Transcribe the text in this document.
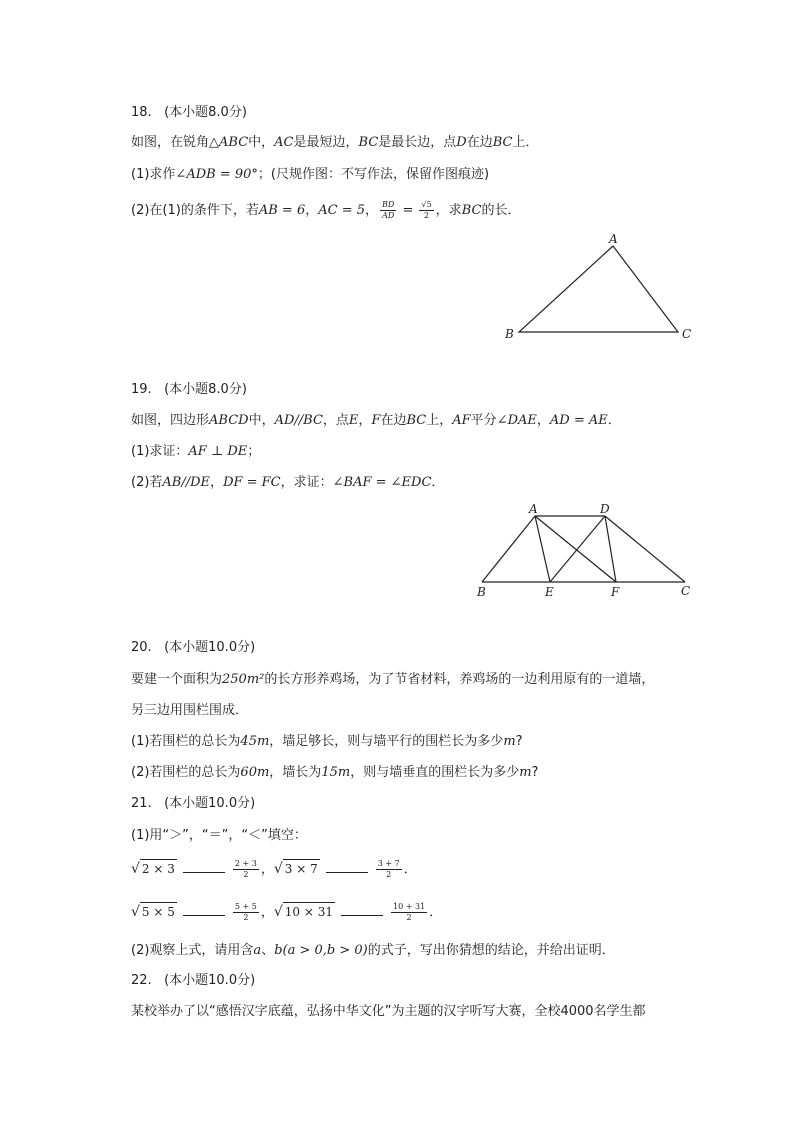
18.   (本小题8.0分)
如图，在锐角△ABC中，AC是最短边，BC是最长边，点D在边BC上．
(1)求作∠ADB = 90°；(尺规作图：不写作法，保留作图痕迹)
(2)在(1)的条件下，若AB = 6，AC = 5， $\frac{BD}{AD} = \frac{√5}{2}$ ，求BC的长．
A
B	C
19.   (本小题8.0分)
如图，四边形ABCD中，AD//BC，点E，F在边BC上，AF平分∠DAE，AD = AE．
(1)求证：AF ⊥ DE；
(2)若AB//DE，DF = FC，求证：∠BAF = ∠EDC．
A	D
B	E	F	C
20.   (本小题10.0分)
要建一个面积为250m²的长方形养鸡场，为了节省材料，养鸡场的一边利用原有的一道墙，
另三边用围栏围成．
(1)若围栏的总长为45m，墙足够长，则与墙平行的围栏长为多少m?
(2)若围栏的总长为60m，墙长为15m，则与墙垂直的围栏长为多少m?
21.   (本小题10.0分)
(1)用“＞”，“＝”，“＜”填空：
√ 2 × 3	$\frac{2 + 3}{2}$ ，√ 3 × 7	$\frac{3 + 7}{2}$ ．
√ 5 × 5	$\frac{5 + 5}{2}$ ，√ 10 × 31	$\frac{10 + 31}{2}$ ．
(2)观察上式，请用含a、b(a > 0,b > 0)的式子，写出你猜想的结论，并给出证明．
22.   (本小题10.0分)
某校举办了以“感悟汉字底蕴，弘扬中华文化”为主题的汉字听写大赛，全校4000名学生都
